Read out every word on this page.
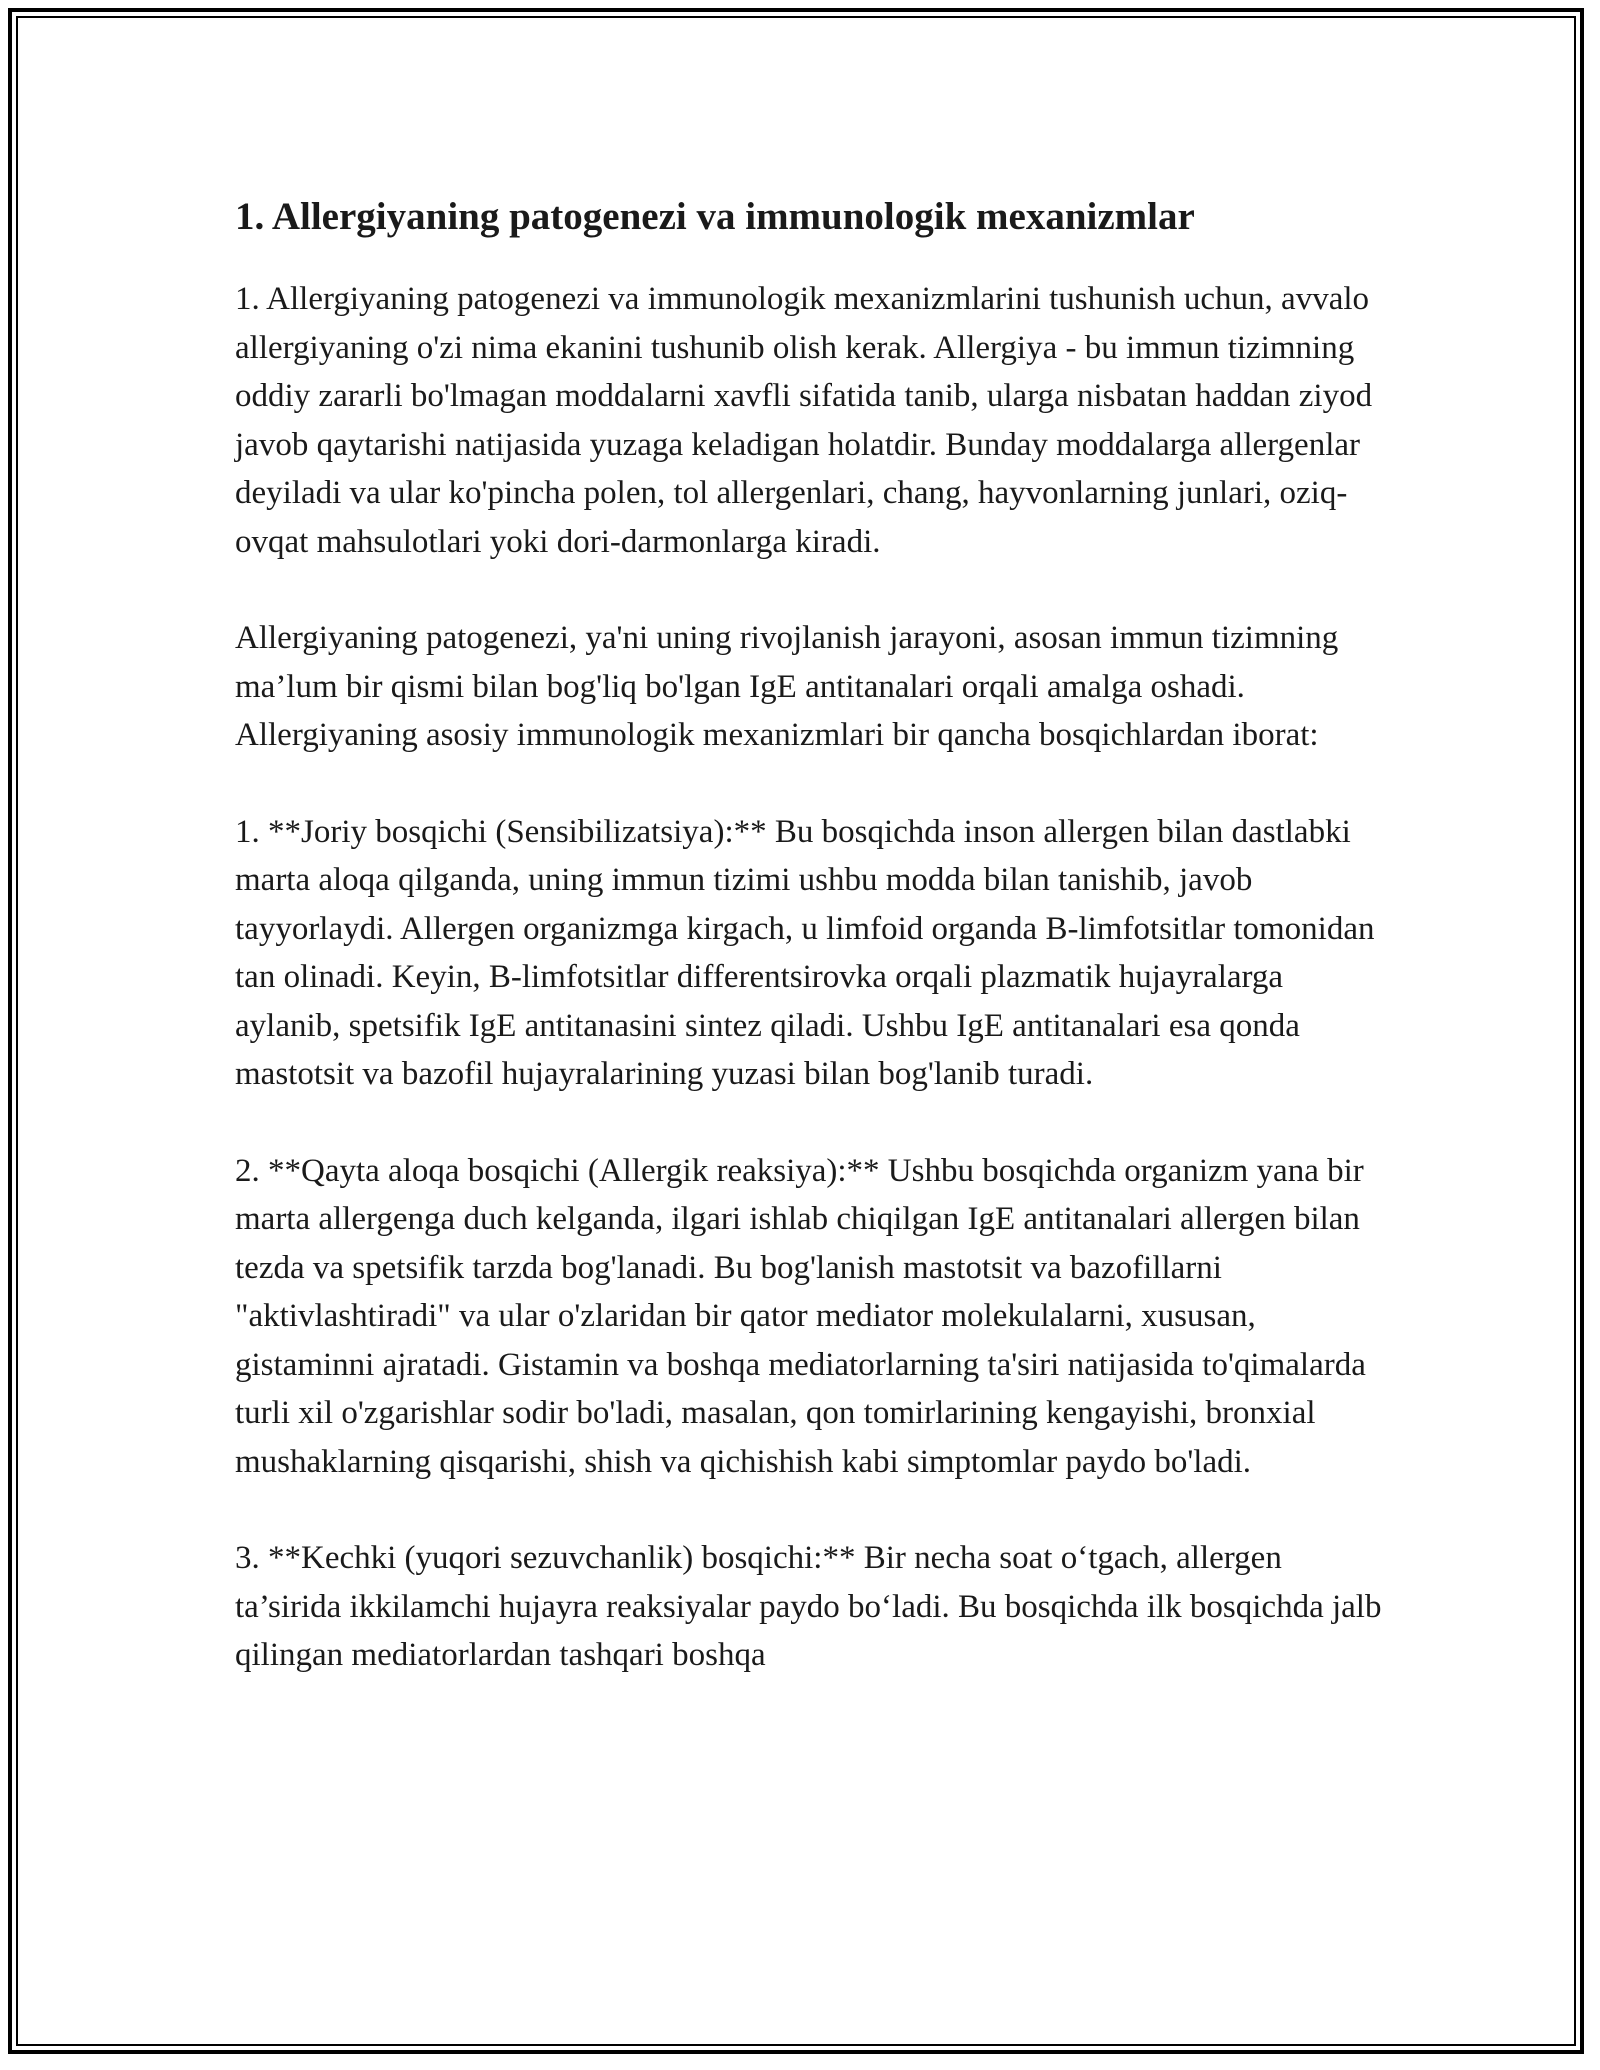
1. Allergiyaning patogenezi va immunologik mexanizmlar

1. Allergiyaning patogenezi va immunologik mexanizmlarini tushunish uchun, avvalo allergiyaning o'zi nima ekanini tushunib olish kerak. Allergiya - bu immun tizimning oddiy zararli bo'lmagan moddalarni xavfli sifatida tanib, ularga nisbatan haddan ziyod javob qaytarishi natijasida yuzaga keladigan holatdir. Bunday moddalarga allergenlar deyiladi va ular ko'pincha polen, tol allergenlari, chang, hayvonlarning junlari, oziq-ovqat mahsulotlari yoki dori-darmonlarga kiradi.

Allergiyaning patogenezi, ya'ni uning rivojlanish jarayoni, asosan immun tizimning ma’lum bir qismi bilan bog'liq bo'lgan IgE antitanalari orqali amalga oshadi. Allergiyaning asosiy immunologik mexanizmlari bir qancha bosqichlardan iborat:

1. **Joriy bosqichi (Sensibilizatsiya):** Bu bosqichda inson allergen bilan dastlabki marta aloqa qilganda, uning immun tizimi ushbu modda bilan tanishib, javob tayyorlaydi. Allergen organizmga kirgach, u limfoid organda B-limfotsitlar tomonidan tan olinadi. Keyin, B-limfotsitlar differentsirovka orqali plazmatik hujayralarga aylanib, spetsifik IgE antitanasini sintez qiladi. Ushbu IgE antitanalari esa qonda mastotsit va bazofil hujayralarining yuzasi bilan bog'lanib turadi.

2. **Qayta aloqa bosqichi (Allergik reaksiya):** Ushbu bosqichda organizm yana bir marta allergenga duch kelganda, ilgari ishlab chiqilgan IgE antitanalari allergen bilan tezda va spetsifik tarzda bog'lanadi. Bu bog'lanish mastotsit va bazofillarni "aktivlashtiradi" va ular o'zlaridan bir qator mediator molekulalarni, xususan, gistaminni ajratadi. Gistamin va boshqa mediatorlarning ta'siri natijasida to'qimalarda turli xil o'zgarishlar sodir bo'ladi, masalan, qon tomirlarining kengayishi, bronxial mushaklarning qisqarishi, shish va qichishish kabi simptomlar paydo bo'ladi.

3. **Kechki (yuqori sezuvchanlik) bosqichi:** Bir necha soat o‘tgach, allergen ta’sirida ikkilamchi hujayra reaksiyalar paydo bo‘ladi. Bu bosqichda ilk bosqichda jalb qilingan mediatorlardan tashqari boshqa
